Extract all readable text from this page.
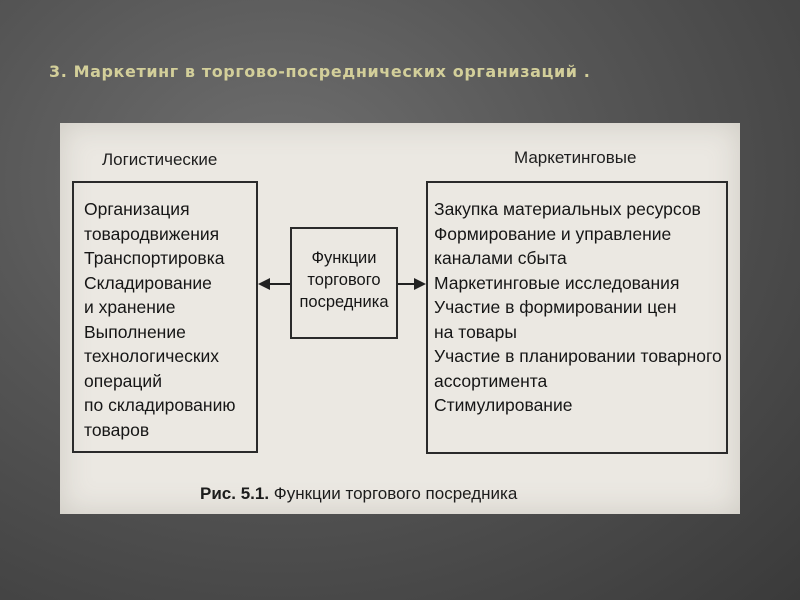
3. Маркетинг в торгово-посреднических организаций .
Логистические	Маркетинговые
Организация
товародвижения
Транспортировка
Складирование
и хранение
Выполнение
технологических
операций
по складированию
товаров
Функции
торгового
посредника
Закупка материальных ресурсов
Формирование и управление
каналами сбыта
Маркетинговые исследования
Участие в формировании цен
на товары
Участие в планировании товарного
ассортимента
Стимулирование
Рис. 5.1. Функции торгового посредника
